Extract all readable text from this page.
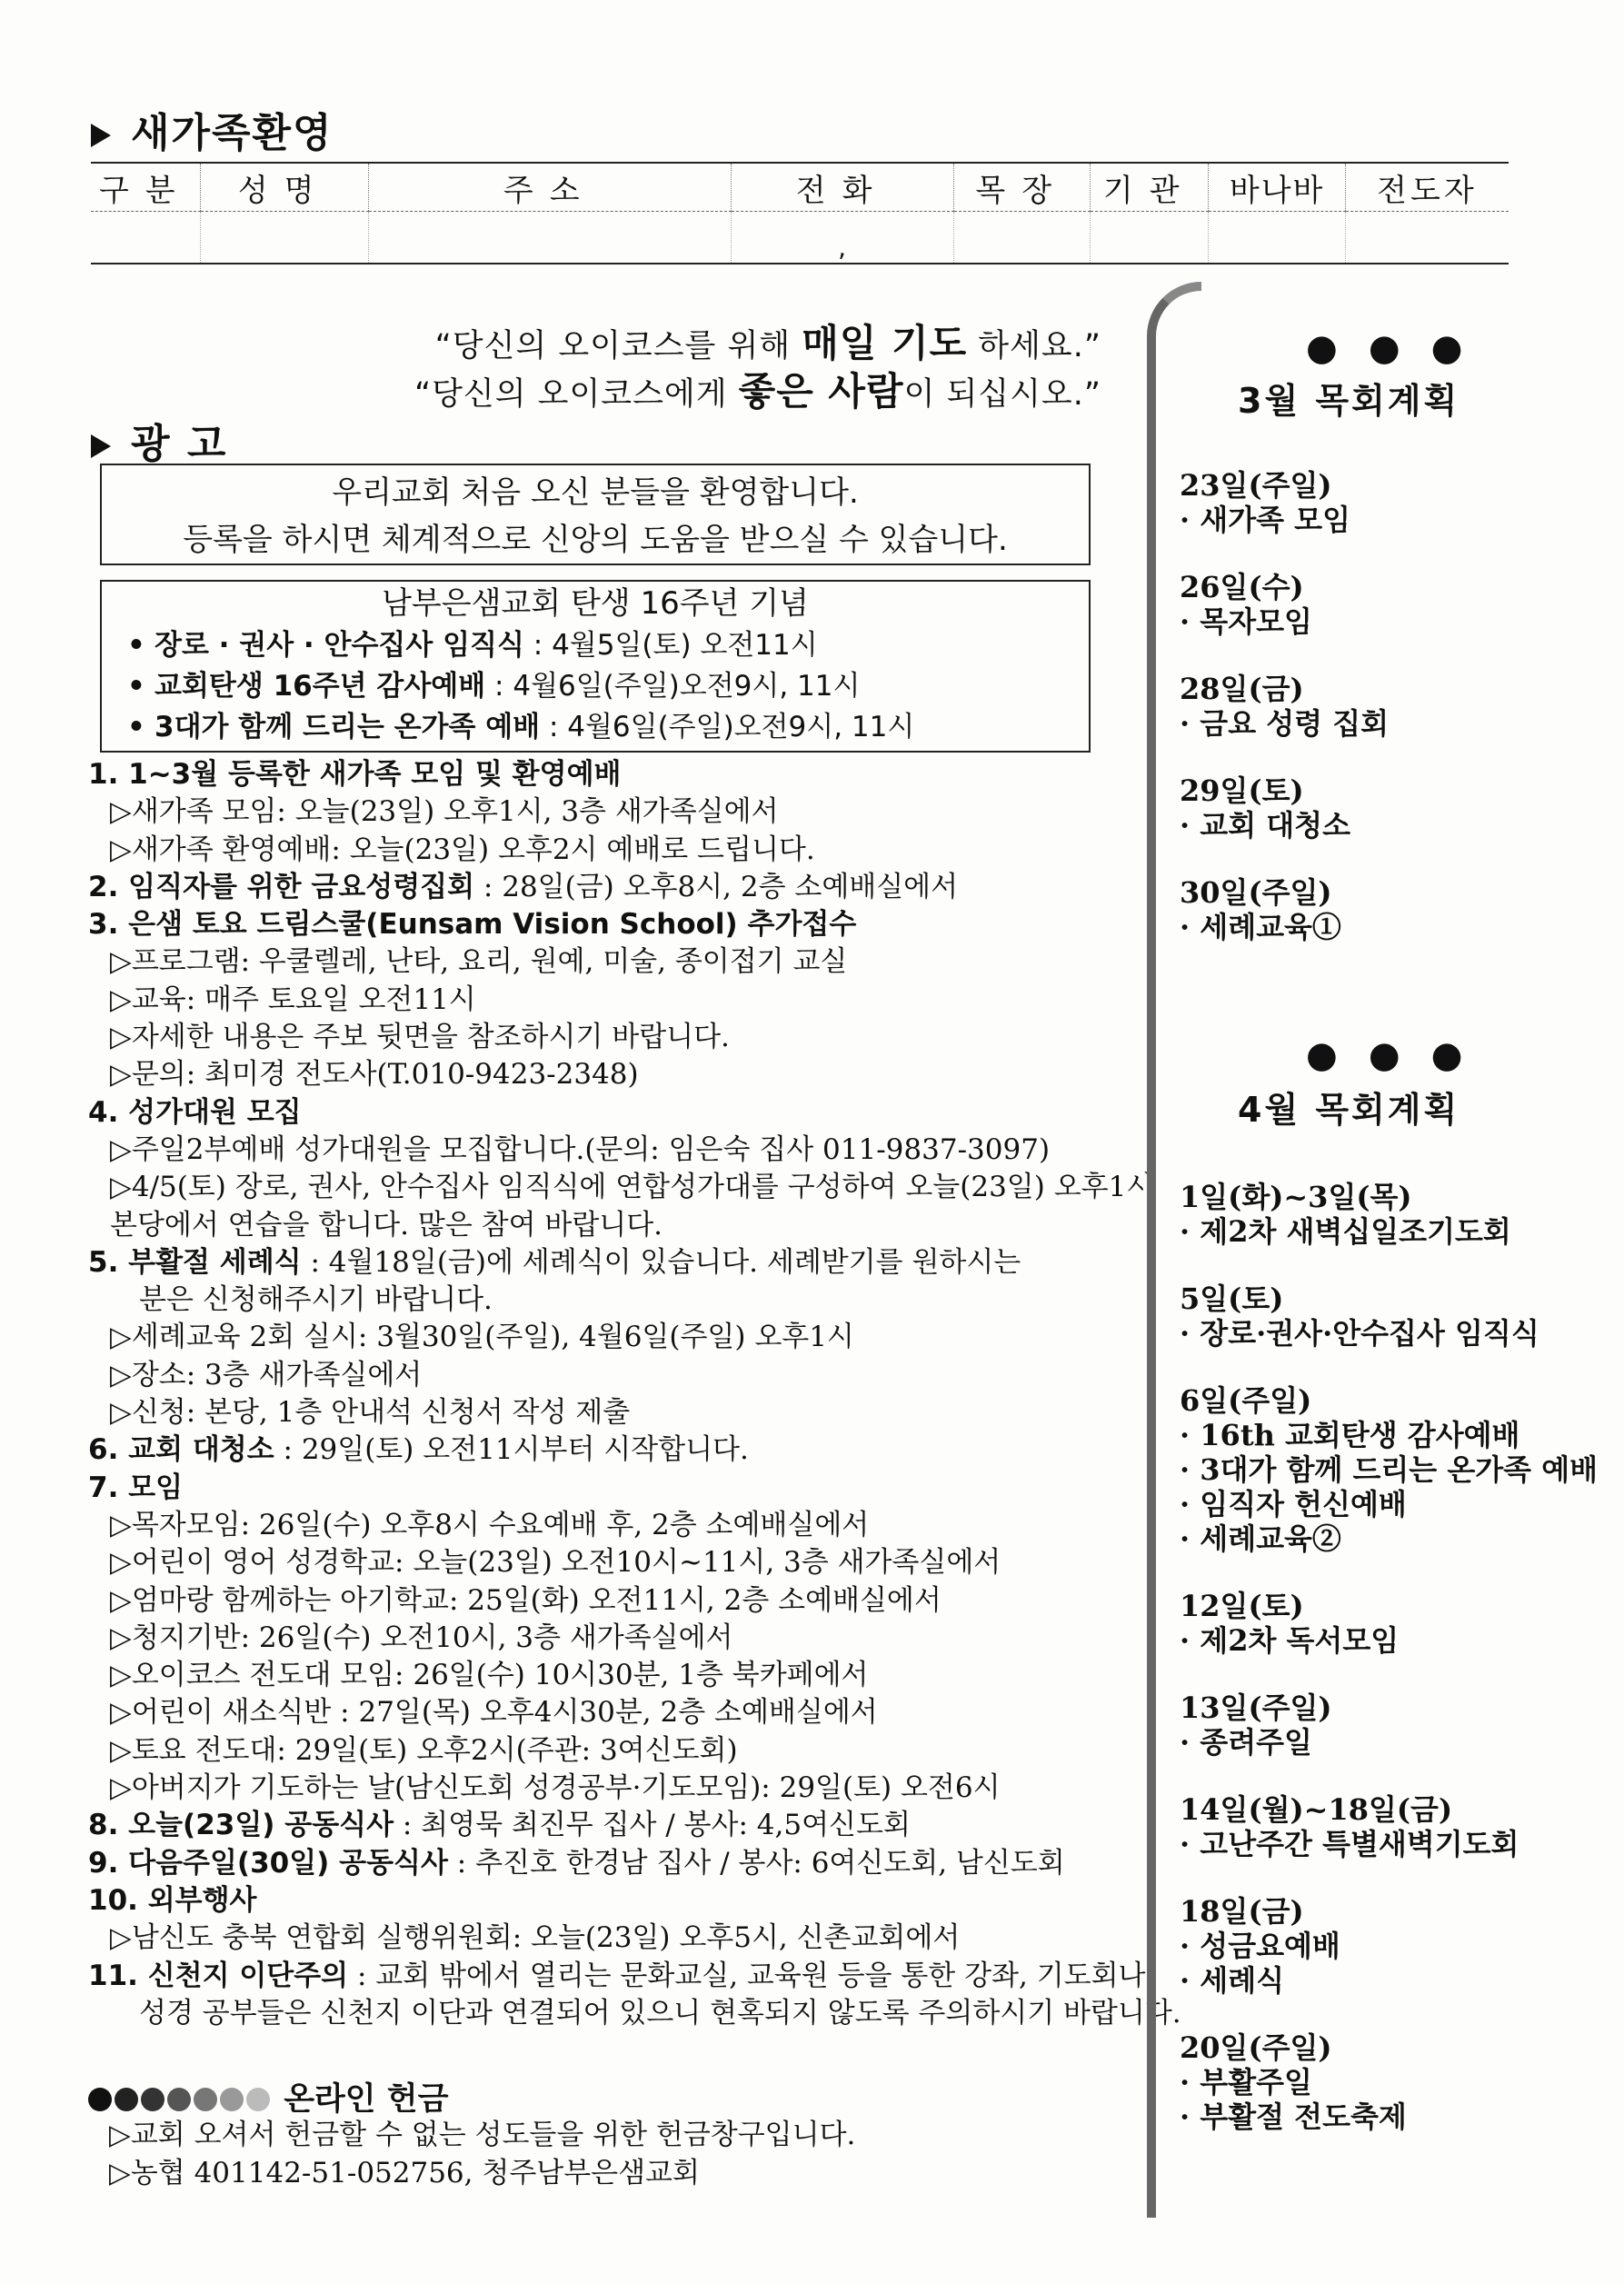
새가족환영
구분	성명	주소	전화	목장	기관	바나바	전도자
			,				
“당신의 오이코스를 위해 매일 기도 하세요.”
“당신의 오이코스에게 좋은 사람이 되십시오.”
광 고
우리교회 처음 오신 분들을 환영합니다.
등록을 하시면 체계적으로 신앙의 도움을 받으실 수 있습니다.
남부은샘교회 탄생 16주년 기념
• 장로 · 권사 · 안수집사 임직식 : 4월5일(토) 오전11시
• 교회탄생 16주년 감사예배 : 4월6일(주일)오전9시, 11시
• 3대가 함께 드리는 온가족 예배 : 4월6일(주일)오전9시, 11시
1. 1~3월 등록한 새가족 모임 및 환영예배
▷새가족 모임: 오늘(23일) 오후1시, 3층 새가족실에서
▷새가족 환영예배: 오늘(23일) 오후2시 예배로 드립니다.
2. 임직자를 위한 금요성령집회 : 28일(금) 오후8시, 2층 소예배실에서
3. 은샘 토요 드림스쿨(Eunsam Vision School) 추가접수
▷프로그램: 우쿨렐레, 난타, 요리, 원예, 미술, 종이접기 교실
▷교육: 매주 토요일 오전11시
▷자세한 내용은 주보 뒷면을 참조하시기 바랍니다.
▷문의: 최미경 전도사(T.010-9423-2348)
4. 성가대원 모집
▷주일2부예배 성가대원을 모집합니다.(문의: 임은숙 집사 011-9837-3097)
▷4/5(토) 장로, 권사, 안수집사 임직식에 연합성가대를 구성하여 오늘(23일) 오후1시
본당에서 연습을 합니다. 많은 참여 바랍니다.
5. 부활절 세례식 : 4월18일(금)에 세례식이 있습니다. 세례받기를 원하시는
분은 신청해주시기 바랍니다.
▷세례교육 2회 실시: 3월30일(주일), 4월6일(주일) 오후1시
▷장소: 3층 새가족실에서
▷신청: 본당, 1층 안내석 신청서 작성 제출
6. 교회 대청소 : 29일(토) 오전11시부터 시작합니다.
7. 모임
▷목자모임: 26일(수) 오후8시 수요예배 후, 2층 소예배실에서
▷어린이 영어 성경학교: 오늘(23일) 오전10시~11시, 3층 새가족실에서
▷엄마랑 함께하는 아기학교: 25일(화) 오전11시, 2층 소예배실에서
▷청지기반: 26일(수) 오전10시, 3층 새가족실에서
▷오이코스 전도대 모임: 26일(수) 10시30분, 1층 북카페에서
▷어린이 새소식반 : 27일(목) 오후4시30분, 2층 소예배실에서
▷토요 전도대: 29일(토) 오후2시(주관: 3여신도회)
▷아버지가 기도하는 날(남신도회 성경공부·기도모임): 29일(토) 오전6시
8. 오늘(23일) 공동식사 : 최영묵 최진무 집사 / 봉사: 4,5여신도회
9. 다음주일(30일) 공동식사 : 추진호 한경남 집사 / 봉사: 6여신도회, 남신도회
10. 외부행사
▷남신도 충북 연합회 실행위원회: 오늘(23일) 오후5시, 신촌교회에서
11. 신천지 이단주의 : 교회 밖에서 열리는 문화교실, 교육원 등을 통한 강좌, 기도회나
성경 공부들은 신천지 이단과 연결되어 있으니 현혹되지 않도록 주의하시기 바랍니다.
온라인 헌금
▷교회 오셔서 헌금할 수 없는 성도들을 위한 헌금창구입니다.
▷농협 401142-51-052756, 청주남부은샘교회
● ● ●
3월 목회계획
23일(주일)
· 새가족 모임
26일(수)
· 목자모임
28일(금)
· 금요 성령 집회
29일(토)
· 교회 대청소
30일(주일)
· 세례교육①
● ● ●
4월 목회계획
1일(화)~3일(목)
· 제2차 새벽십일조기도회
5일(토)
· 장로·권사·안수집사 임직식
6일(주일)
· 16th 교회탄생 감사예배
· 3대가 함께 드리는 온가족 예배
· 임직자 헌신예배
· 세례교육②
12일(토)
· 제2차 독서모임
13일(주일)
· 종려주일
14일(월)~18일(금)
· 고난주간 특별새벽기도회
18일(금)
· 성금요예배
· 세례식
20일(주일)
· 부활주일
· 부활절 전도축제
